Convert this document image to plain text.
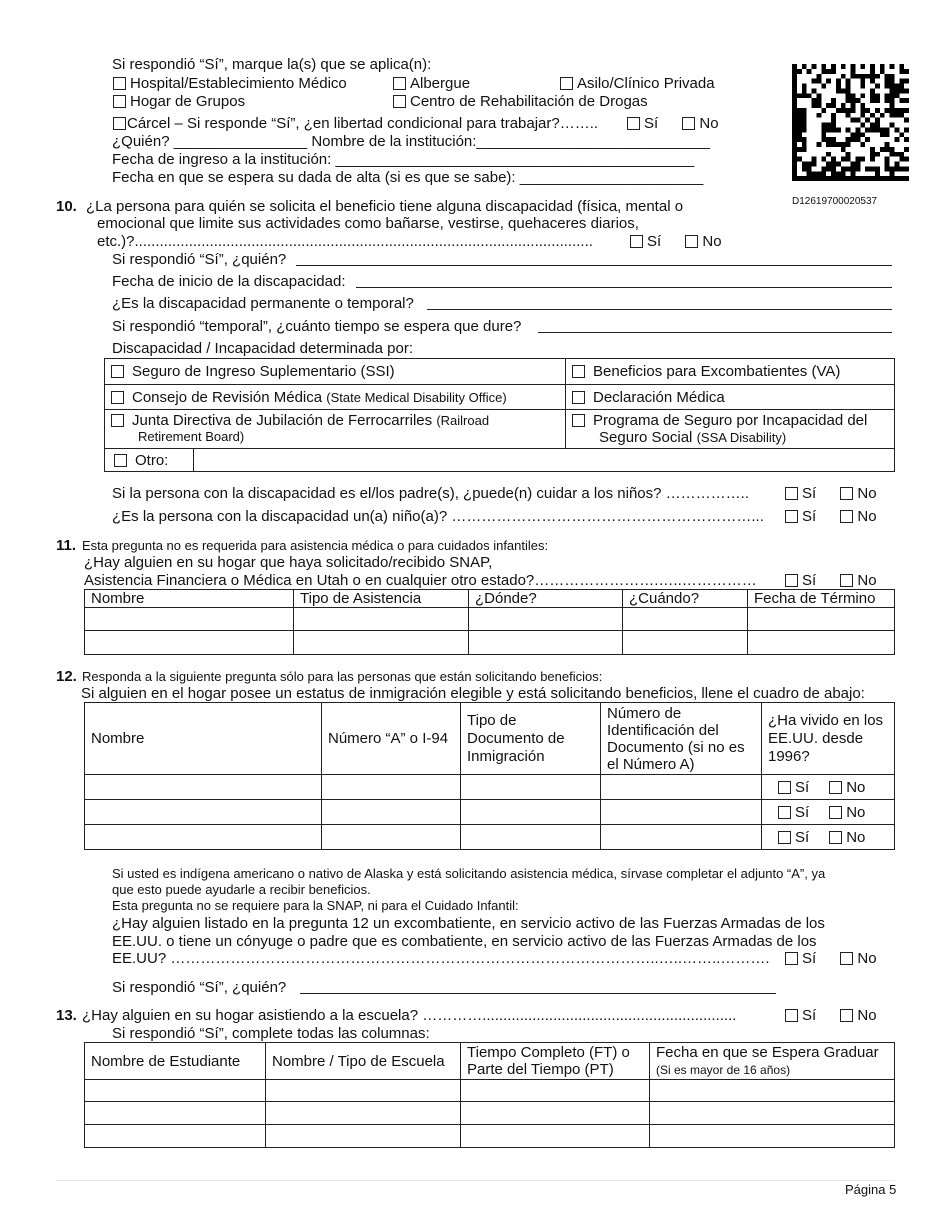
Si respondió “Sí”, marque la(s) que se aplica(n):
Hospital/Establecimiento Médico	Albergue	Asilo/Clínico Privada
Hogar de Grupos	Centro de Rehabilitación de Drogas
Cárcel – Si responde “Sí”, ¿en libertad condicional para trabajar?……..	Sí	No
¿Quién? ________________ Nombre de la institución:____________________________
Fecha de ingreso a la institución: ___________________________________________
Fecha en que se espera su dada de alta (si es que se sabe): ______________________
D12619700020537
10. ¿La persona para quién se solicita el beneficio tiene alguna discapacidad (física, mental o
emocional que limite sus actividades como bañarse, vestirse, quehaceres diarios,
etc.)?..............................................................................................................	Sí	No
Si respondió “Sí”, ¿quién?
Fecha de inicio de la discapacidad:
¿Es la discapacidad permanente o temporal?
Si respondió “temporal”, ¿cuánto tiempo se espera que dure?
Discapacidad / Incapacidad determinada por:
Seguro de Ingreso Suplementario (SSI)	Beneficios para Excombatientes (VA)
Consejo de Revisión Médica (State Medical Disability Office)	Declaración Médica
Junta Directiva de Jubilación de Ferrocarriles (Railroad
Retirement Board)	Programa de Seguro por Incapacidad del
Seguro Social (SSA Disability)

Otro:	
Si la persona con la discapacidad es el/los padre(s), ¿puede(n) cuidar a los niños? ……………..	Sí	No
¿Es la persona con la discapacidad un(a) niño(a)? ……………………………………………………...	Sí	No
11. Esta pregunta no es requerida para asistencia médica o para cuidados infantiles:
¿Hay alguien en su hogar que haya solicitado/recibido SNAP,
Asistencia Financiera o Médica en Utah o en cualquier otro estado?…………………….…..……………	Sí	No
Nombre	Tipo de Asistencia	¿Dónde?	¿Cuándo?	Fecha de Término

12. Responda a la siguiente pregunta sólo para las personas que están solicitando beneficios:
Si alguien en el hogar posee un estatus de inmigración elegible y está solicitando beneficios, llene el cuadro de abajo:
Nombre	Número “A” o I-94	Tipo de Documento de Inmigración	Número de Identificación del Documento (si no es el Número A)	¿Ha vivido en los EE.UU. desde 1996?
				Sí No
				Sí No
				Sí No
Si usted es indígena americano o nativo de Alaska y está solicitando asistencia médica, sírvase completar el adjunto “A”, ya
que esto puede ayudarle a recibir beneficios.
Esta pregunta no se requiere para la SNAP, ni para el Cuidado Infantil:
¿Hay alguien listado en la pregunta 12 un excombatiente, en servicio activo de las Fuerzas Armadas de los
EE.UU. o tiene un cónyuge o padre que es combatiente, en servicio activo de las Fuerzas Armadas de los
EE.UU? ……………………………………………………………………………………..…..……..……….	Sí	No
Si respondió “Sí”, ¿quién?
13. ¿Hay alguien en su hogar asistiendo a la escuela? ………….............................................................	Sí	No
Si respondió “Sí”, complete todas las columnas:
Nombre de Estudiante	Nombre / Tipo de Escuela	Tiempo Completo (FT) o
Parte del Tiempo (PT)	Fecha en que se Espera Graduar
(Si es mayor de 16 años)

Página 5
